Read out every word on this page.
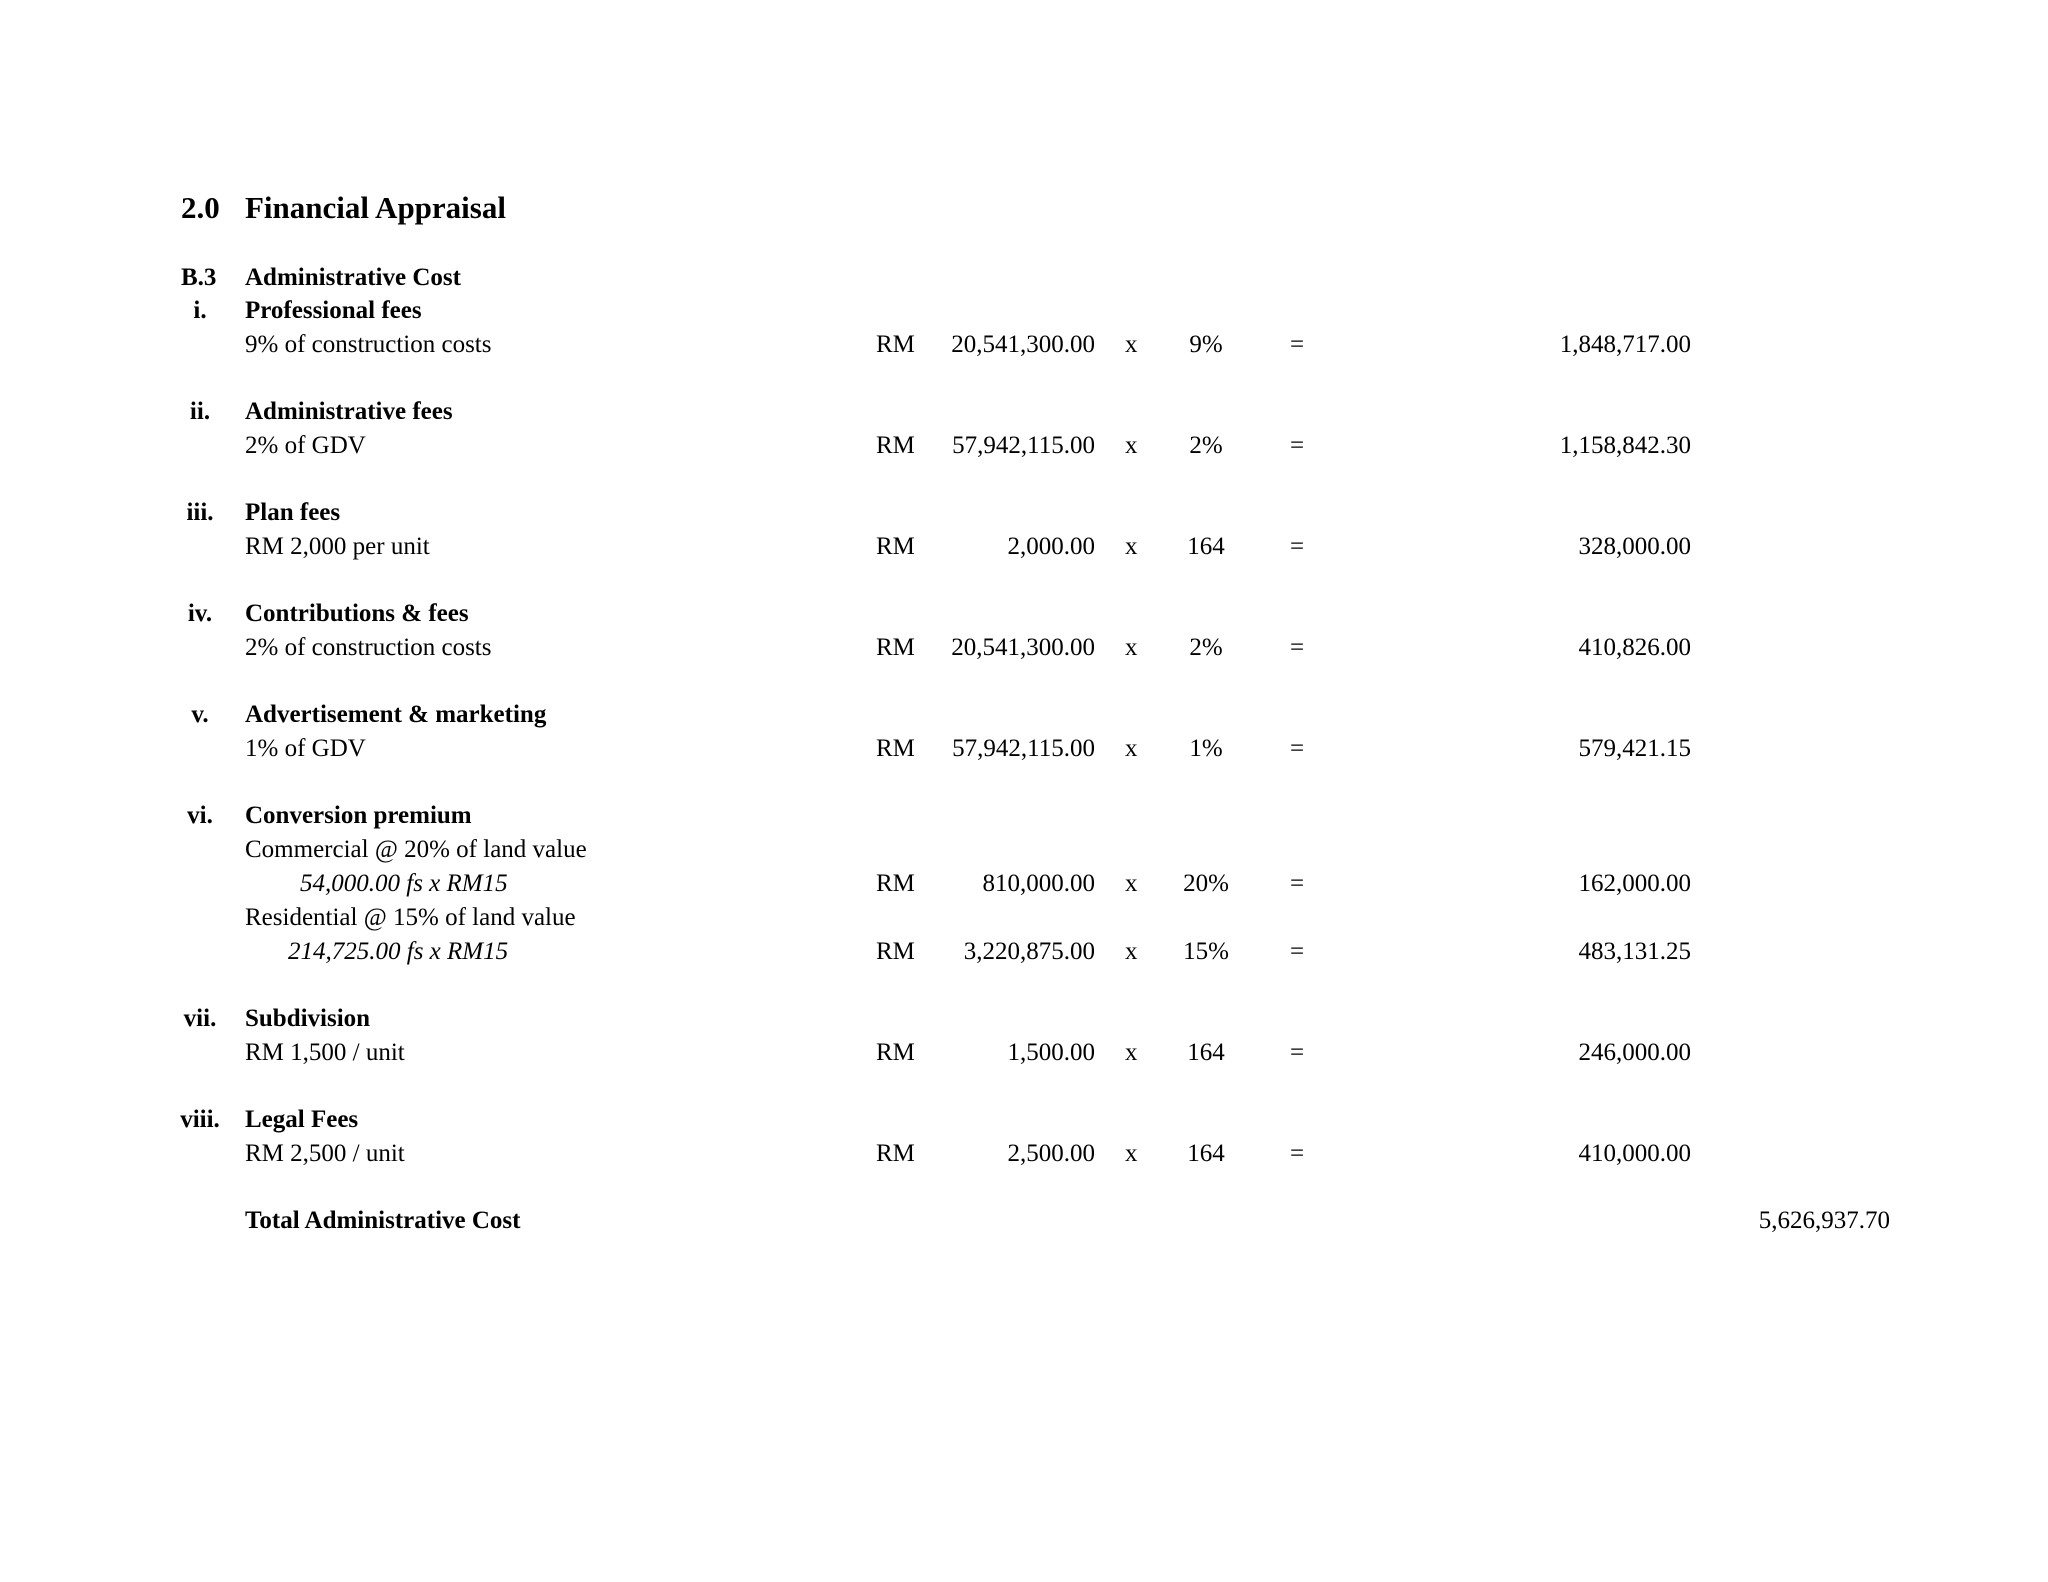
2.0 Financial Appraisal
B.3 Administrative Cost
i.	Professional fees
9% of construction costs	RM 20,541,300.00 x	9%	=	1,848,717.00
ii.	Administrative fees
2% of GDV	RM 57,942,115.00 x	2%	=	1,158,842.30
iii.	Plan fees
RM 2,000 per unit	RM	2,000.00 x	164	=	328,000.00
iv.	Contributions & fees
2% of construction costs	RM 20,541,300.00 x	2%	=	410,826.00
v.	Advertisement & marketing
1% of GDV	RM 57,942,115.00 x	1%	=	579,421.15
vi.	Conversion premium
Commercial @ 20% of land value
54,000.00 fs x RM15	RM	810,000.00 x	20%	=	162,000.00
Residential @ 15% of land value
214,725.00 fs x RM15	RM 3,220,875.00 x	15%	=	483,131.25
vii.	Subdivision
RM 1,500 / unit	RM	1,500.00 x	164	=	246,000.00
viii.	Legal Fees
RM 2,500 / unit	RM	2,500.00 x	164	=	410,000.00
Total Administrative Cost	5,626,937.70
